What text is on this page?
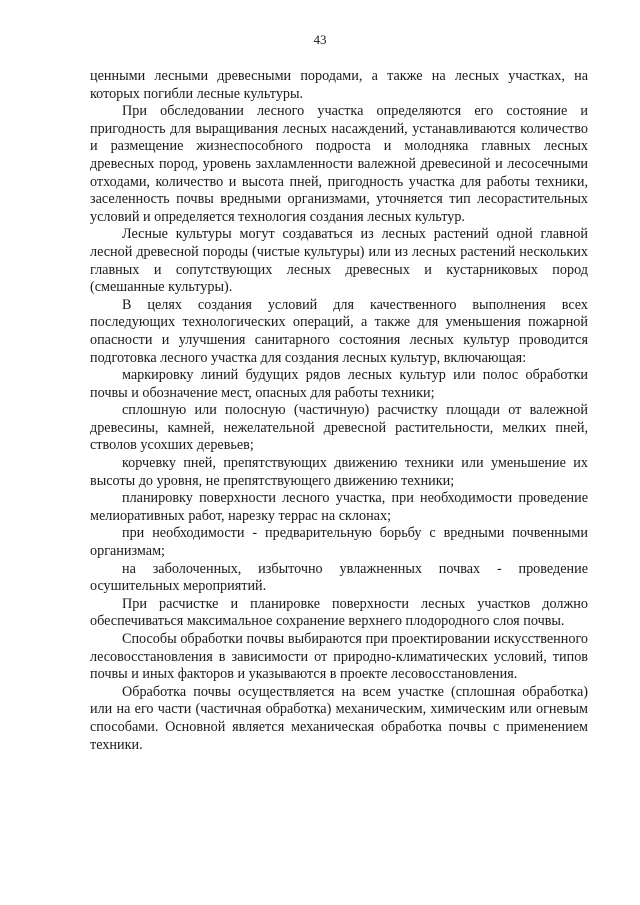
43

ценными лесными древесными породами, а также на лесных участках, на которых погибли лесные культуры.

При обследовании лесного участка определяются его состояние и пригодность для выращивания лесных насаждений, устанавливаются количество и размещение жизнеспособного подроста и молодняка главных лесных древесных пород, уровень захламленности валежной древесиной и лесосечными отходами, количество и высота пней, пригодность участка для работы техники, заселенность почвы вредными организмами, уточняется тип лесорастительных условий и определяется технология создания лесных культур.

Лесные культуры могут создаваться из лесных растений одной главной лесной древесной породы (чистые культуры) или из лесных растений нескольких главных и сопутствующих лесных древесных и кустарниковых пород (смешанные культуры).

В целях создания условий для качественного выполнения всех последующих технологических операций, а также для уменьшения пожарной опасности и улучшения санитарного состояния лесных культур проводится подготовка лесного участка для создания лесных культур, включающая:

маркировку линий будущих рядов лесных культур или полос обработки почвы и обозначение мест, опасных для работы техники;

сплошную или полосную (частичную) расчистку площади от валежной древесины, камней, нежелательной древесной растительности, мелких пней, стволов усохших деревьев;

корчевку пней, препятствующих движению техники или уменьшение их высоты до уровня, не препятствующего движению техники;

планировку поверхности лесного участка, при необходимости проведение мелиоративных работ, нарезку террас на склонах;

при необходимости - предварительную борьбу с вредными почвенными организмам;

на заболоченных, избыточно увлажненных почвах - проведение осушительных мероприятий.

При расчистке и планировке поверхности лесных участков должно обеспечиваться максимальное сохранение верхнего плодородного слоя почвы.

Способы обработки почвы выбираются при проектировании искусственного лесовосстановления в зависимости от природно-климатических условий, типов почвы и иных факторов и указываются в проекте лесовосстановления.

Обработка почвы осуществляется на всем участке (сплошная обработка) или на его части (частичная обработка) механическим, химическим или огневым способами. Основной является механическая обработка почвы с применением техники.
